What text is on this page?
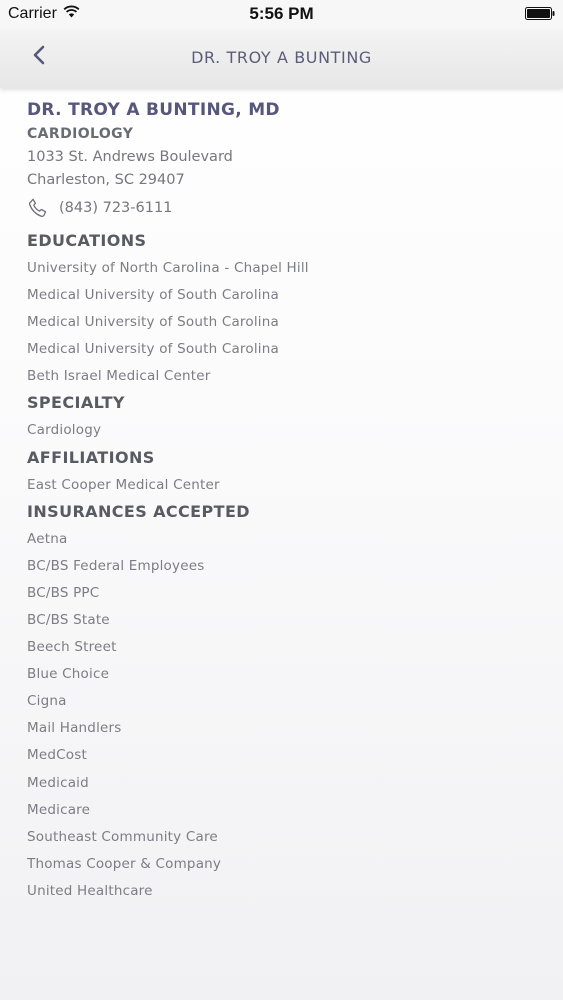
Carrier	5:56 PM
DR. TROY A BUNTING
DR. TROY A BUNTING, MD
CARDIOLOGY
1033 St. Andrews Boulevard
Charleston, SC 29407
(843) 723-6111
EDUCATIONS
University of North Carolina - Chapel Hill
Medical University of South Carolina
Medical University of South Carolina
Medical University of South Carolina
Beth Israel Medical Center
SPECIALTY
Cardiology
AFFILIATIONS
East Cooper Medical Center
INSURANCES ACCEPTED
Aetna
BC/BS Federal Employees
BC/BS PPC
BC/BS State
Beech Street
Blue Choice
Cigna
Mail Handlers
MedCost
Medicaid
Medicare
Southeast Community Care
Thomas Cooper & Company
United Healthcare
